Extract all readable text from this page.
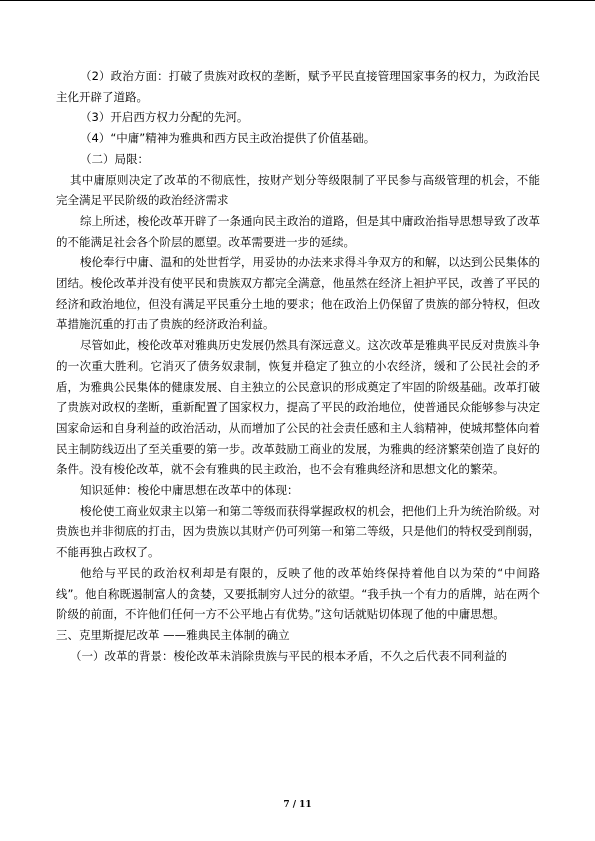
（2）政治方面：打破了贵族对政权的垄断，赋予平民直接管理国家事务的权力，为政治民主化开辟了道路。

（3）开启西方权力分配的先河。

（4）“中庸”精神为雅典和西方民主政治提供了价值基础。

（二）局限：

其中庸原则决定了改革的不彻底性，按财产划分等级限制了平民参与高级管理的机会，不能完全满足平民阶级的政治经济需求

综上所述，梭伦改革开辟了一条通向民主政治的道路，但是其中庸政治指导思想导致了改革的不能满足社会各个阶层的愿望。改革需要进一步的延续。

梭伦奉行中庸、温和的处世哲学，用妥协的办法来求得斗争双方的和解，以达到公民集体的团结。梭伦改革并没有使平民和贵族双方都完全满意，他虽然在经济上袒护平民，改善了平民的经济和政治地位，但没有满足平民重分土地的要求；他在政治上仍保留了贵族的部分特权，但改革措施沉重的打击了贵族的经济政治利益。

尽管如此，梭伦改革对雅典历史发展仍然具有深远意义。这次改革是雅典平民反对贵族斗争的一次重大胜利。它消灭了债务奴隶制，恢复并稳定了独立的小农经济，缓和了公民社会的矛盾，为雅典公民集体的健康发展、自主独立的公民意识的形成奠定了牢固的阶级基础。改革打破了贵族对政权的垄断，重新配置了国家权力，提高了平民的政治地位，使普通民众能够参与决定国家命运和自身利益的政治活动，从而增加了公民的社会责任感和主人翁精神，使城邦整体向着民主制防线迈出了至关重要的第一步。改革鼓励工商业的发展，为雅典的经济繁荣创造了良好的条件。没有梭伦改革，就不会有雅典的民主政治，也不会有雅典经济和思想文化的繁荣。

知识延伸：梭伦中庸思想在改革中的体现：

梭伦使工商业奴隶主以第一和第二等级而获得掌握政权的机会，把他们上升为统治阶级。对贵族也并非彻底的打击，因为贵族以其财产仍可列第一和第二等级，只是他们的特权受到削弱，不能再独占政权了。

他给与平民的政治权利却是有限的，反映了他的改革始终保持着他自以为荣的“中间路线”。他自称既遏制富人的贪婪，又要抵制穷人过分的欲望。“我手执一个有力的盾牌，站在两个阶级的前面，不许他们任何一方不公平地占有优势。”这句话就贴切体现了他的中庸思想。

三、克里斯提尼改革 ——雅典民主体制的确立

（一）改革的背景：梭伦改革未消除贵族与平民的根本矛盾，不久之后代表不同利益的

7 / 11
